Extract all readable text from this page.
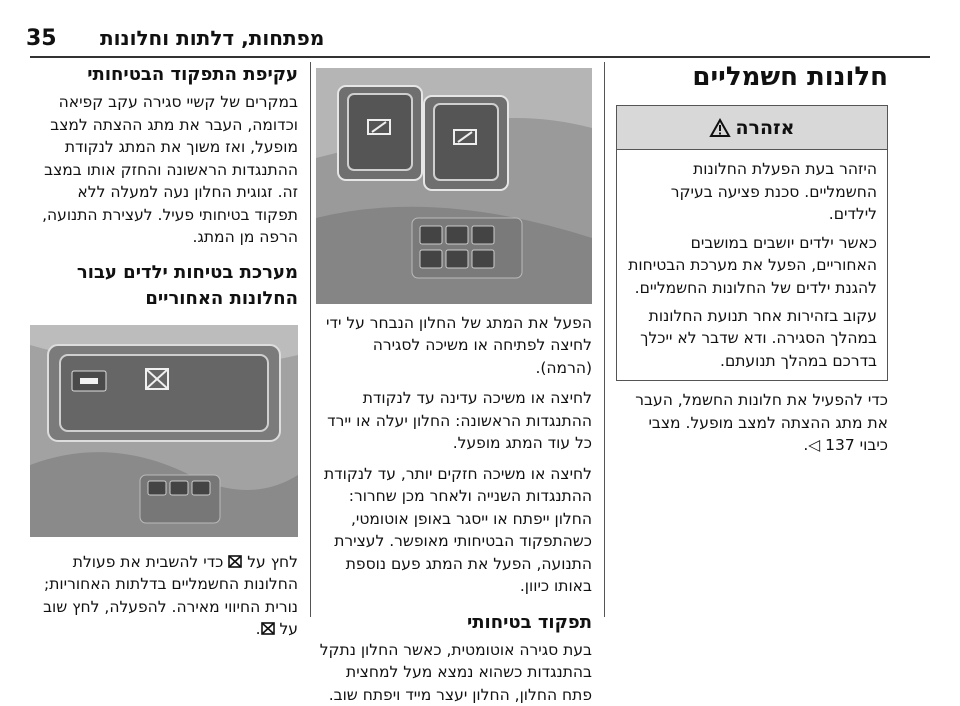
35 מפתחות, דלתות וחלונות
חלונות חשמליים
אזהרה

היזהר בעת הפעלת החלונות החשמליים. סכנת פציעה בעיקר לילדים.

כאשר ילדים יושבים במושבים האחוריים, הפעל את מערכת הבטיחות להגנת ילדים של החלונות החשמליים.

עקוב בזהירות אחר תנועת החלונות במהלך הסגירה. ודא שדבר לא ייכלך בדרכם במהלך תנועתם.

כדי להפעיל את חלונות החשמל, העבר את מתג ההצתה למצב מופעל. מצבי כיבוי 137 ◁.

הפעל את המתג של החלון הנבחר על ידי לחיצה לפתיחה או משיכה לסגירה (הרמה).

לחיצה או משיכה עדינה עד לנקודת ההתנגדות הראשונה: החלון יעלה או יירד כל עוד המתג מופעל.

לחיצה או משיכה חזקים יותר, עד לנקודת ההתנגדות השנייה ולאחר מכן שחרור: החלון ייפתח או ייסגר באופן אוטומטי, כשהתפקוד הבטיחותי מאופשר. לעצירת התנועה, הפעל את המתג פעם נוספת באותו כיוון.

תפקוד בטיחותי

בעת סגירה אוטומטית, כאשר החלון נתקל בהתנגדות כשהוא נמצא מעל למחצית פתח החלון, החלון יעצר מייד ויפתח שוב.

עקיפת התפקוד הבטיחותי

במקרים של קשיי סגירה עקב קפיאה וכדומה, העבר את מתג ההצתה למצב מופעל, ואז משוך את המתג לנקודת ההתנגדות הראשונה והחזק אותו במצב זה. זגוגית החלון נעה למעלה ללא תפקוד בטיחותי פעיל. לעצירת התנועה, הרפה מן המתג.

מערכת בטיחות ילדים עבור החלונות האחוריים

לחץ על  כדי להשבית את פעולת החלונות החשמליים בדלתות האחוריות; נורית החיווי מאירה. להפעלה, לחץ שוב על .
